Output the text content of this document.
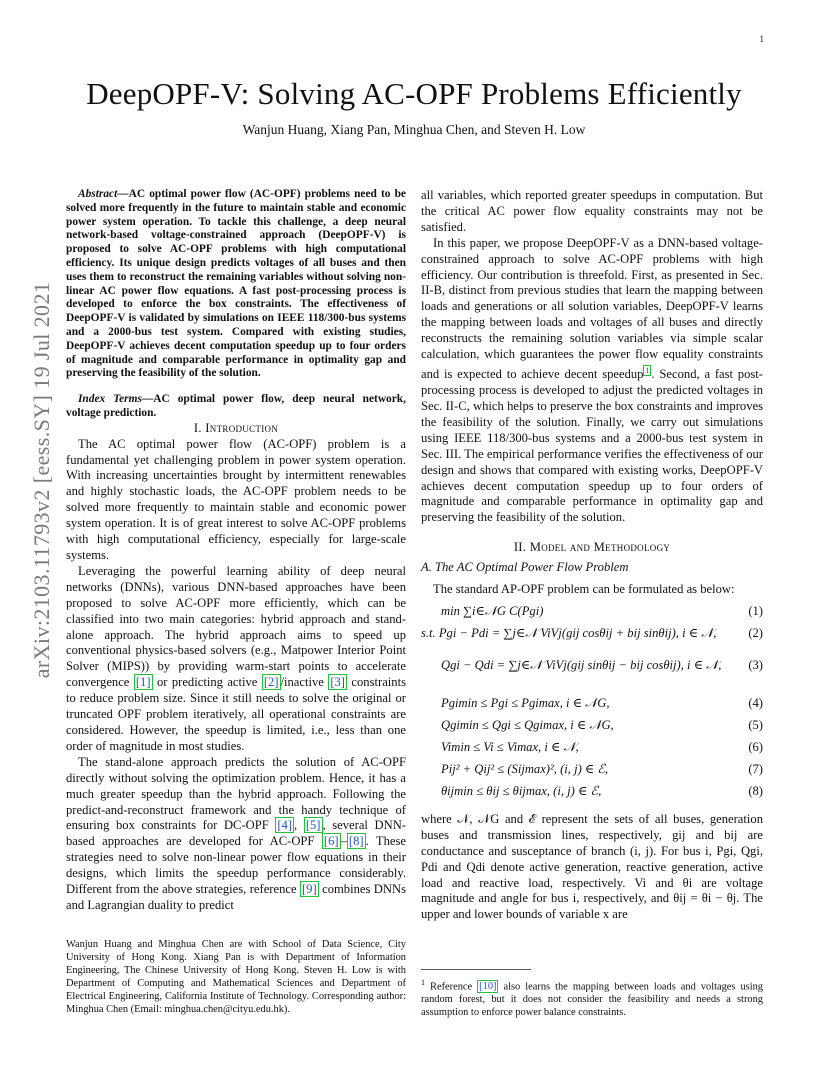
1
DeepOPF-V: Solving AC-OPF Problems Efficiently
Wanjun Huang, Xiang Pan, Minghua Chen, and Steven H. Low
arXiv:2103.11793v2 [eess.SY] 19 Jul 2021

Abstract—AC optimal power flow (AC-OPF) problems need to be solved more frequently in the future to maintain stable and economic power system operation. To tackle this challenge, a deep neural network-based voltage-constrained approach (DeepOPF-V) is proposed to solve AC-OPF problems with high computational efficiency. Its unique design predicts voltages of all buses and then uses them to reconstruct the remaining variables without solving non-linear AC power flow equations. A fast post-processing process is developed to enforce the box constraints. The effectiveness of DeepOPF-V is validated by simulations on IEEE 118/300-bus systems and a 2000-bus test system. Compared with existing studies, DeepOPF-V achieves decent computation speedup up to four orders of magnitude and comparable performance in optimality gap and preserving the feasibility of the solution.

Index Terms—AC optimal power flow, deep neural network, voltage prediction.

I. Introduction

The AC optimal power flow (AC-OPF) problem is a fundamental yet challenging problem in power system operation. With increasing uncertainties brought by intermittent renewables and highly stochastic loads, the AC-OPF problem needs to be solved more frequently to maintain stable and economic power system operation. It is of great interest to solve AC-OPF problems with high computational efficiency, especially for large-scale systems.

Leveraging the powerful learning ability of deep neural networks (DNNs), various DNN-based approaches have been proposed to solve AC-OPF more efficiently, which can be classified into two main categories: hybrid approach and stand-alone approach. The hybrid approach aims to speed up conventional physics-based solvers (e.g., Matpower Interior Point Solver (MIPS)) by providing warm-start points to accelerate convergence [1] or predicting active [2] /inactive [3] constraints to reduce problem size. Since it still needs to solve the original or truncated OPF problem iteratively, all operational constraints are considered. However, the speedup is limited, i.e., less than one order of magnitude in most studies.

The stand-alone approach predicts the solution of AC-OPF directly without solving the optimization problem. Hence, it has a much greater speedup than the hybrid approach. Following the predict-and-reconstruct framework and the handy technique of ensuring box constraints for DC-OPF [4] , [5] , several DNN-based approaches are developed for AC-OPF [6] – [8] . These strategies need to solve non-linear power flow equations in their designs, which limits the speedup performance considerably. Different from the above strategies, reference [9] combines DNNs and Lagrangian duality to predict

Wanjun Huang and Minghua Chen are with School of Data Science, City University of Hong Kong. Xiang Pan is with Department of Information Engineering, The Chinese University of Hong Kong. Steven H. Low is with Department of Computing and Mathematical Sciences and Department of Electrical Engineering, California Institute of Technology. Corresponding author: Minghua Chen (Email: minghua.chen@cityu.edu.hk).

all variables, which reported greater speedups in computation. But the critical AC power flow equality constraints may not be satisfied.

In this paper, we propose DeepOPF-V as a DNN-based voltage-constrained approach to solve AC-OPF problems with high efficiency. Our contribution is threefold. First, as presented in Sec. II-B, distinct from previous studies that learn the mapping between loads and generations or all solution variables, DeepOPF-V learns the mapping between loads and voltages of all buses and directly reconstructs the remaining solution variables via simple scalar calculation, which guarantees the power flow equality constraints and is expected to achieve decent speedup $^1$ . Second, a fast post-processing process is developed to adjust the predicted voltages in Sec. II-C, which helps to preserve the box constraints and improves the feasibility of the solution. Finally, we carry out simulations using IEEE 118/300-bus systems and a 2000-bus test system in Sec. III. The empirical performance verifies the effectiveness of our design and shows that compared with existing works, DeepOPF-V achieves decent computation speedup up to four orders of magnitude and comparable performance in optimality gap and preserving the feasibility of the solution.

II. Model and Methodology

A. The AC Optimal Power Flow Problem

The standard AP-OPF problem can be formulated as below:

min ∑i∈𝒩G C(Pgi)	(1)
s.t. Pgi − Pdi = ∑j∈𝒩 ViVj(gij cosθij + bij sinθij), i ∈ 𝒩,	(2)
Qgi − Qdi = ∑j∈𝒩 ViVj(gij sinθij − bij cosθij), i ∈ 𝒩, (3)
Pgimin ≤ Pgi ≤ Pgimax, i ∈ 𝒩G,	(4)
Qgimin ≤ Qgi ≤ Qgimax, i ∈ 𝒩G,	(5)
Vimin ≤ Vi ≤ Vimax, i ∈ 𝒩,	(6)
Pij² + Qij² ≤ (Sijmax)², (i, j) ∈ ℰ,	(7)
θijmin ≤ θij ≤ θijmax, (i, j) ∈ ℰ,	(8)

where 𝒩, 𝒩G and ℰ represent the sets of all buses, generation buses and transmission lines, respectively, gij and bij are conductance and susceptance of branch (i, j). For bus i, Pgi, Qgi, Pdi and Qdi denote active generation, reactive generation, active load and reactive load, respectively. Vi and θi are voltage magnitude and angle for bus i, respectively, and θij = θi − θj. The upper and lower bounds of variable x are

$^1$ Reference [10] also learns the mapping between loads and voltages using random forest, but it does not consider the feasibility and needs a strong assumption to enforce power balance constraints.
